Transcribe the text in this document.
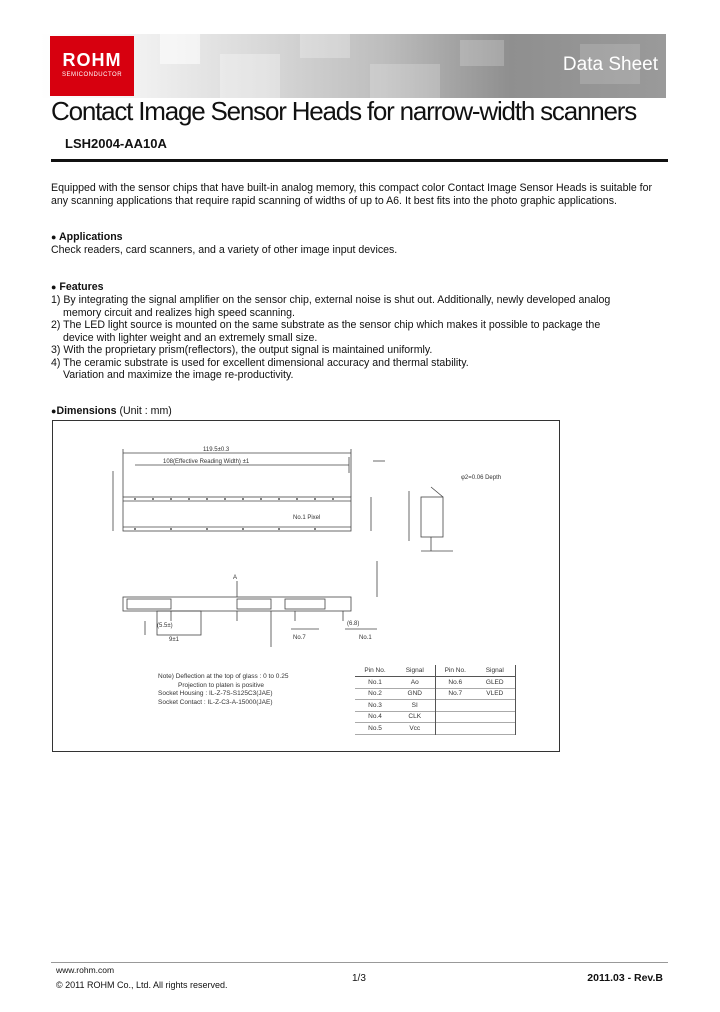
ROHM
SEMICONDUCTOR	Data Sheet
Contact Image Sensor Heads for narrow-width scanners
LSH2004-AA10A

Equipped with the sensor chips that have built-in analog memory, this compact color Contact Image Sensor Heads is suitable for any scanning applications that require rapid scanning of widths of up to A6. It best fits into the photo graphic applications.

● Applications
Check readers, card scanners, and a variety of other image input devices.
● Features
1) By integrating the signal amplifier on the sensor chip, external noise is shut out. Additionally, newly developed analog
memory circuit and realizes high speed scanning.
2) The LED light source is mounted on the same substrate as the sensor chip which makes it possible to package the
device with lighter weight and an extremely small size.
3) With the proprietary prism(reflectors), the output signal is maintained uniformly.
4) The ceramic substrate is used for excellent dimensional accuracy and thermal stability.
Variation and maximize the image re-productivity.
●Dimensions (Unit : mm)
119.5±0.3
108(Effective Reading Width) ±1
φ2=0.06 Depth
No.1 Pixel
A
No.7	No.1
(5.5±)
9±1
(6.8)
Note) Deflection at the top of glass : 0 to 0.25
Projection to platen is positive
Socket Housing : IL-Z-7S-S125C3(JAE)
Socket Contact : IL-Z-C3-A-15000(JAE)
Pin No.	Signal	Pin No.	Signal
No.1	Ao	No.6	GLED
No.2	GND	No.7	VLED
No.3	SI		
No.4	CLK		
No.5	Vcc		
www.rohm.com
© 2011 ROHM Co., Ltd. All rights reserved.
1/3	2011.03 - Rev.B
